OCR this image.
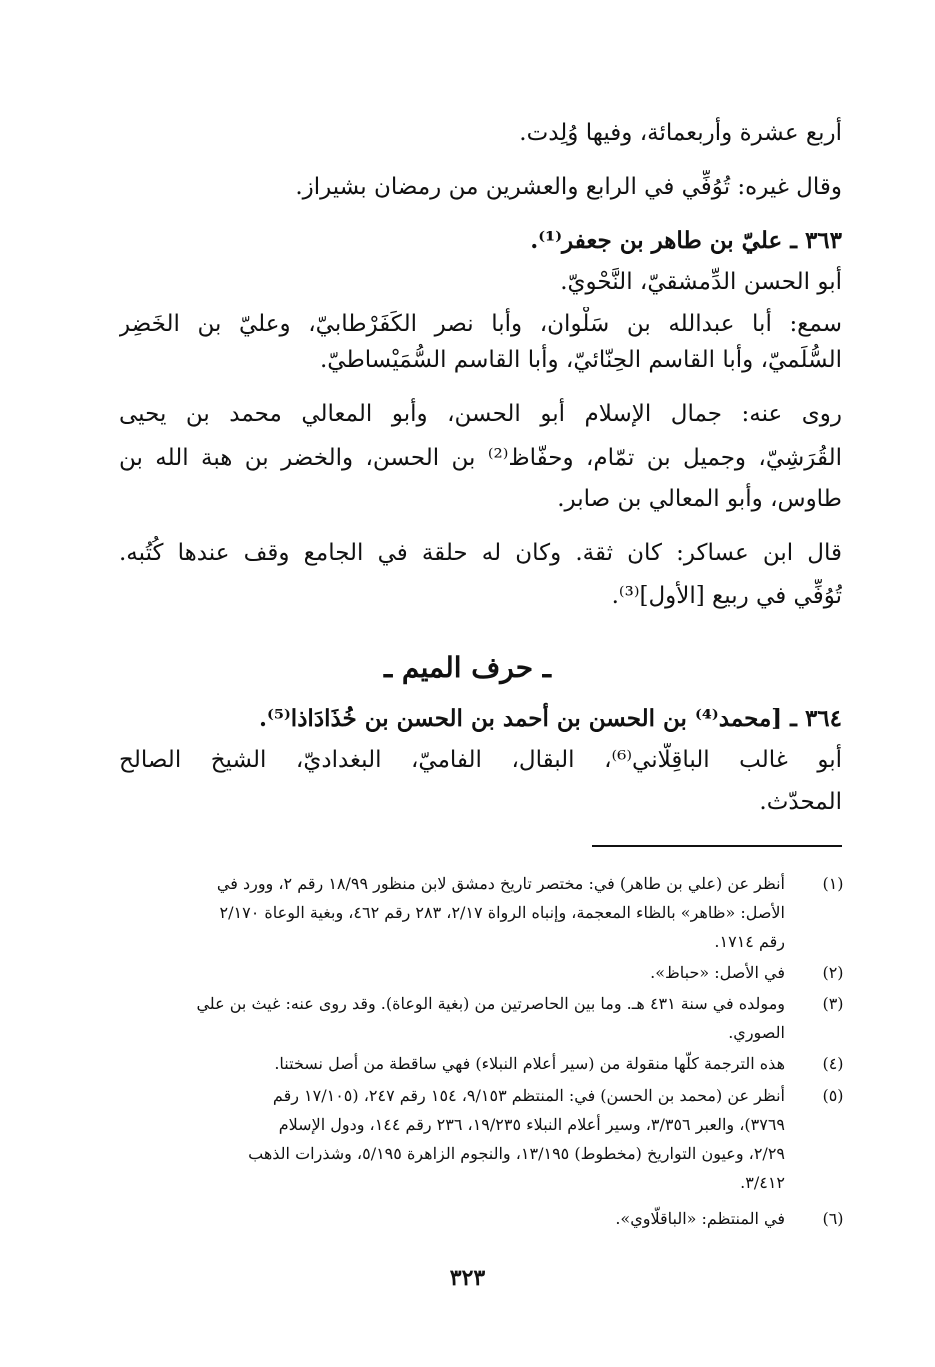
أربع عشرة وأربعمائة، وفيها وُلِدت.
وقال غيره: تُوُفِّي في الرابع والعشرين من رمضان بشيراز.
٣٦٣ ـ عليّ بن طاهر بن جعفر⁽¹⁾.
أبو الحسن الدِّمشقيّ، النَّحْويّ.
سمع: أبا عبدالله بن سَلْوان، وأبا نصر الكَفَرْطابيّ، وعليّ بن الخَضِر
السُّلَميّ، وأبا القاسم الحِنّائيّ، وأبا القاسم السُّمَيْساطيّ.
روى عنه: جمال الإسلام أبو الحسن، وأبو المعالي محمد بن يحيى
القُرَشِيّ، وجميل بن تمّام، وحفّاظ⁽²⁾ بن الحسن، والخضر بن هبة الله بن
طاوس، وأبو المعالي بن صابر.
قال ابن عساكر: كان ثقة. وكان له حلقة في الجامع وقف عندها كُتُبه.
تُوُفِّي في ربيع [الأول]⁽³⁾.
ـ حرف الميم ـ
٣٦٤ ـ [محمد⁽⁴⁾ بن الحسن بن أحمد بن الحسن بن خُذَادَاذا⁽⁵⁾.
أبو غالب الباقِلّاني⁽⁶⁾، البقال، الفاميّ، البغداديّ، الشيخ الصالح
المحدّث.
(١)
أنظر عن (علي بن طاهر) في: مختصر تاريخ دمشق لابن منظور ١٨/٩٩ رقم ٢، وورد في
الأصل: «ظاهر» بالظاء المعجمة، وإنباه الرواة ٢/١٧، ٢٨٣ رقم ٤٦٢، وبغية الوعاة ٢/١٧٠
رقم ١٧١٤.
(٢)
في الأصل: «حباظ».
(٣)
ومولده في سنة ٤٣١ هـ. وما بين الحاصرتين من (بغية الوعاة). وقد روى عنه: غيث بن علي
الصوري.
(٤)
هذه الترجمة كلّها منقولة من (سير أعلام النبلاء) فهي ساقطة من أصل نسختنا.
(٥)
أنظر عن (محمد بن الحسن) في: المنتظم ٩/١٥٣، ١٥٤ رقم ٢٤٧، (١٧/١٠٥ رقم
٣٧٦٩)، والعبر ٣/٣٥٦، وسير أعلام النبلاء ١٩/٢٣٥، ٢٣٦ رقم ١٤٤، ودول الإسلام
٢/٢٩، وعيون التواريخ (مخطوط) ١٣/١٩٥، والنجوم الزاهرة ٥/١٩٥، وشذرات الذهب
٣/٤١٢.
(٦)
في المنتظم: «الباقلّاوي».
٣٢٣
